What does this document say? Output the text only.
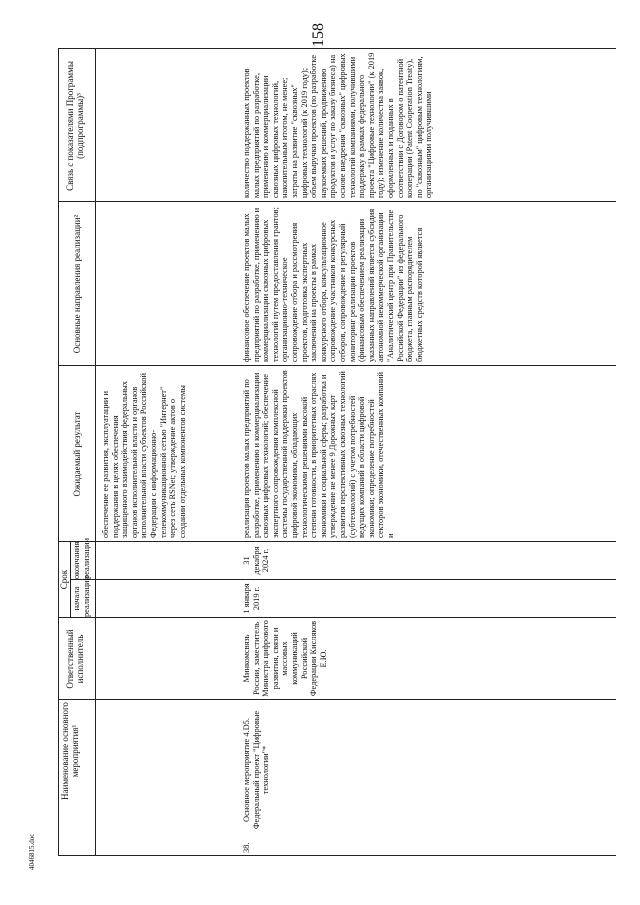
158
4046815.doc
Наименование основного мероприятия¹
Ответственный исполнитель
Срок
начала реализации
окончания реализации
Ожидаемый результат
Основные направления реализации²
Связь с показателями Программы (подпрограммы)³
обеспечение ее развития, эксплуатации и поддержания в целях обеспечения защищенного взаимодействия федеральных органов исполнительной власти и органов исполнительной власти субъектов Российской Федерации с информационно-телекоммуникационной сетью "Интернет" через сеть RSNet; утверждение актов о создании отдельных компонентов системы
38.
Основное мероприятие 4.D5. Федеральный проект "Цифровые технологии"*
Минкомсвязь России, заместитель Министра цифрового развития, связи и массовых коммуникаций Российской Федерации Кисляков Е.Ю.
1 января 2019 г.
31 декабря 2024 г.
реализация проектов малых предприятий по разработке, применению и коммерциализации сквозных цифровых технологий; обеспечение экспертного сопровождения комплексной системы государственной поддержки проектов цифровой экономики, обладающих технологическими решениями высокой степени готовности, в приоритетных отраслях экономики и социальной сферы; разработка и утверждение не менее 9 Дорожных карт развития перспективных сквозных технологий (субтехнологий) с учетом потребностей ведущих компаний в области цифровой экономики; определение потребностей секторов экономики, отечественных компаний и
финансовое обеспечение проектов малых предприятий по разработке, применению и коммерциализации сквозных цифровых технологий путем предоставления грантов; организационно-техническое сопровождение отбора и рассмотрения проектов, подготовка экспертных заключений на проекты в рамках конкурсного отбора, консультационное сопровождение участников конкурсных отборов, сопровождение и регулярный мониторинг реализации проектов (финансовым обеспечением реализации указанных направлений является субсидия автономной некоммерческой организации "Аналитический центр при Правительстве Российской Федерации" из федерального бюджета, главным распорядителем бюджетных средств которой является
количество поддержанных проектов малых предприятий по разработке, применению и коммерциализации сквозных цифровых технологий, накопительным итогом, не менее; затраты на развитие "сквозных" цифровых технологий (к 2019 году); объем выручки проектов (по разработке наукоемких решений, продвижению продуктов и услуг по заказу бизнеса) на основе внедрения "сквозных" цифровых технологий компаниями, получившими поддержку в рамках федерального проекта "Цифровые технологии" (к 2019 году); изменение количества заявок, оформленных и поданных в соответствии с Договором о патентной кооперации (Patent Cooperation Treaty), по "сквозным" цифровым технологиям, организациями получившими
